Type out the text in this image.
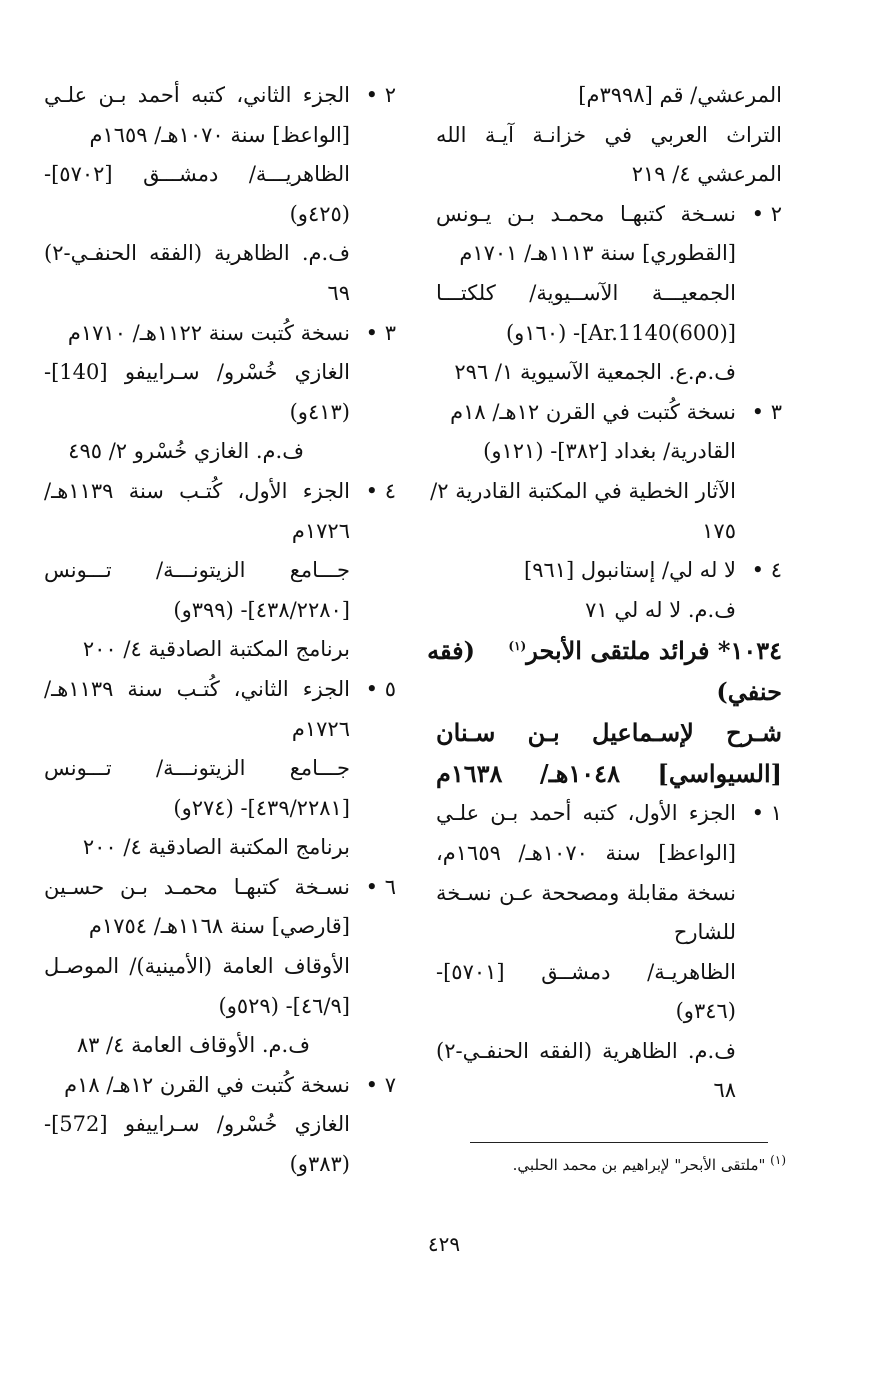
المرعشي/ قم [٣٩٩٨م]
التراث العربي في خزانـة آيـة الله
المرعشي ٤/ ٢١٩
٢ •
نسـخة كتبهـا محمـد بـن يـونس
[القطوري] سنة ١١١٣هـ/ ١٧٠١م
الجمعيـــة الآســيوية/ كلكتـــا
[(600)Ar.1140]- (١٦٠و)
ف.م.ع. الجمعية الآسيوية ١/ ٢٩٦
٣ •
نسخة كُتبت في القرن ١٢هـ/ ١٨م
القادرية/ بغداد [٣٨٢]- (١٢١و)
الآثار الخطية في المكتبة القادرية ٢/
١٧٥
٤ •
لا له لي/ إستانبول [٩٦١]
ف.م. لا له لي ٧١
١٠٣٤* فرائد ملتقى الأبحر$^{(١)}$    (فقه
حنفي)
شـرح لإسـماعيل بـن سـنان
[السيواسي] ١٠٤٨هـ/ ١٦٣٨م
١ •
الجزء الأول، كتبه أحمد بـن علـي
[الواعظ] سنة ١٠٧٠هـ/ ١٦٥٩م،
نسخة مقابلة ومصححة عـن نسـخة
للشارح
الظاهريـة/ دمشــق [٥٧٠١]-
(٣٤٦و)
ف.م. الظاهرية (الفقه الحنفـي-٢)
٦٨
٢ •
الجزء الثاني، كتبه أحمد بـن علـي
[الواعظ] سنة ١٠٧٠هـ/ ١٦٥٩م
الظاهريـــة/ دمشـــق [٥٧٠٢]-
(٤٢٥و)
ف.م. الظاهرية (الفقه الحنفـي-٢)
٦٩
٣ •
نسخة كُتبت سنة ١١٢٢هـ/ ١٧١٠م
الغازي خُسْرو/ سـراييفو [140]-
(٤١٣و)
ف.م. الغازي خُسْرو ٢/ ٤٩٥
٤ •
الجزء الأول، كُتـب سنة ١١٣٩هـ/
١٧٢٦م
جـــامع الزيتونـــة/ تـــونس
[٤٣٨/٢٢٨٠]- (٣٩٩و)
برنامج المكتبة الصادقية ٤/ ٢٠٠
٥ •
الجزء الثاني، كُتـب سنة ١١٣٩هـ/
١٧٢٦م
جـــامع الزيتونـــة/ تـــونس
[٤٣٩/٢٢٨١]- (٢٧٤و)
برنامج المكتبة الصادقية ٤/ ٢٠٠
٦ •
نسـخة كتبهـا محمـد بـن حسـين
[قارصي] سنة ١١٦٨هـ/ ١٧٥٤م
الأوقاف العامة (الأمينية)/ الموصـل
[٤٦/٩]- (٥٢٩و)
ف.م. الأوقاف العامة ٤/ ٨٣
٧ •
نسخة كُتبت في القرن ١٢هـ/ ١٨م
الغازي خُسْرو/ سـراييفو [572]-
(٣٨٣و)	$^{(١)}$ "ملتقى الأبحر" لإبراهيم بن محمد الحلبي.
٤٢٩
